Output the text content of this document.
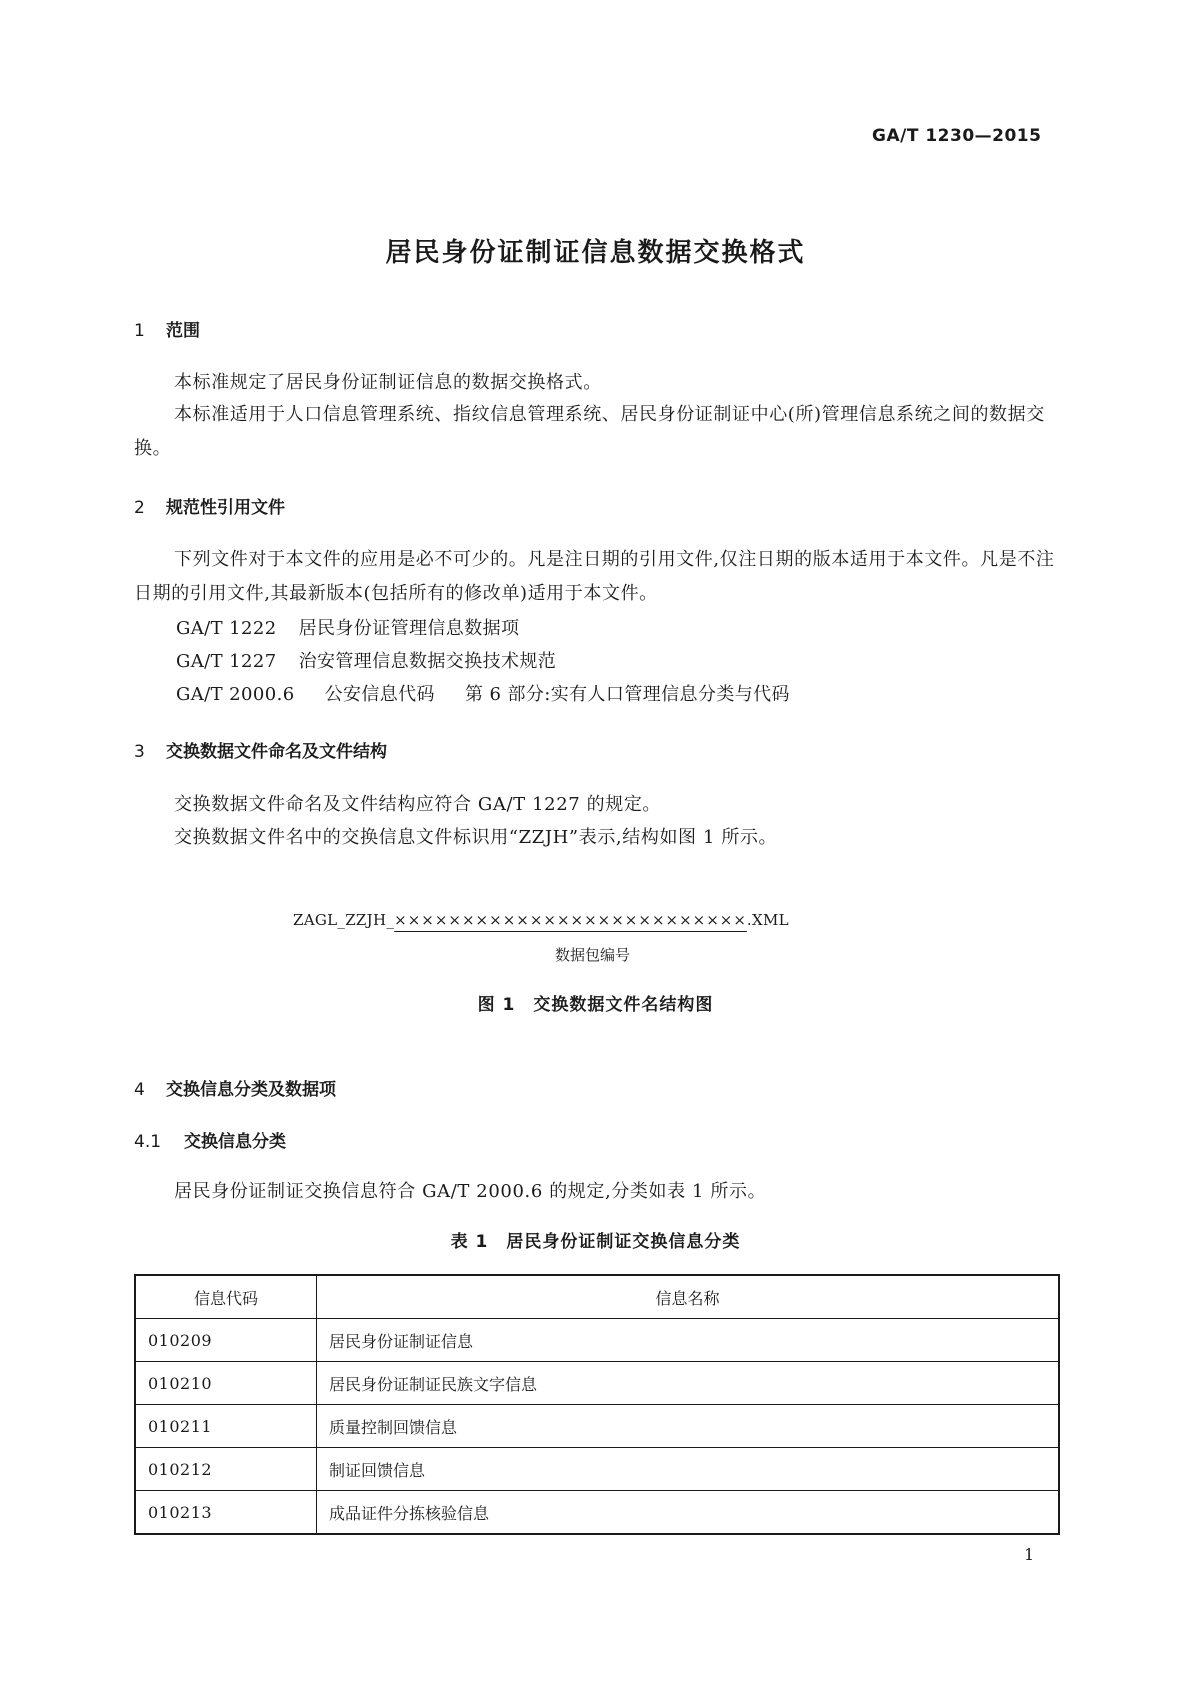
GA/T 1230—2015
居民身份证制证信息数据交换格式
1 范围
本标准规定了居民身份证制证信息的数据交换格式。
本标准适用于人口信息管理系统、指纹信息管理系统、居民身份证制证中心(所)管理信息系统之间的数据交换。
2 规范性引用文件
下列文件对于本文件的应用是必不可少的。凡是注日期的引用文件,仅注日期的版本适用于本文件。凡是不注日期的引用文件,其最新版本(包括所有的修改单)适用于本文件。
GA/T 1222 居民身份证管理信息数据项
GA/T 1227 治安管理信息数据交换技术规范
GA/T 2000.6 公安信息代码 第 6 部分:实有人口管理信息分类与代码
3 交换数据文件命名及文件结构
交换数据文件命名及文件结构应符合 GA/T 1227 的规定。
交换数据文件名中的交换信息文件标识用“ZZJH”表示,结构如图 1 所示。
ZAGL_ZZJH_××××××××××××××××××××××××××.XML
数据包编号
图 1　交换数据文件名结构图
4 交换信息分类及数据项
4.1 交换信息分类
居民身份证制证交换信息符合 GA/T 2000.6 的规定,分类如表 1 所示。
表 1　居民身份证制证交换信息分类
信息代码	信息名称
010209	居民身份证制证信息
010210	居民身份证制证民族文字信息
010211	质量控制回馈信息
010212	制证回馈信息
010213	成品证件分拣核验信息
1
